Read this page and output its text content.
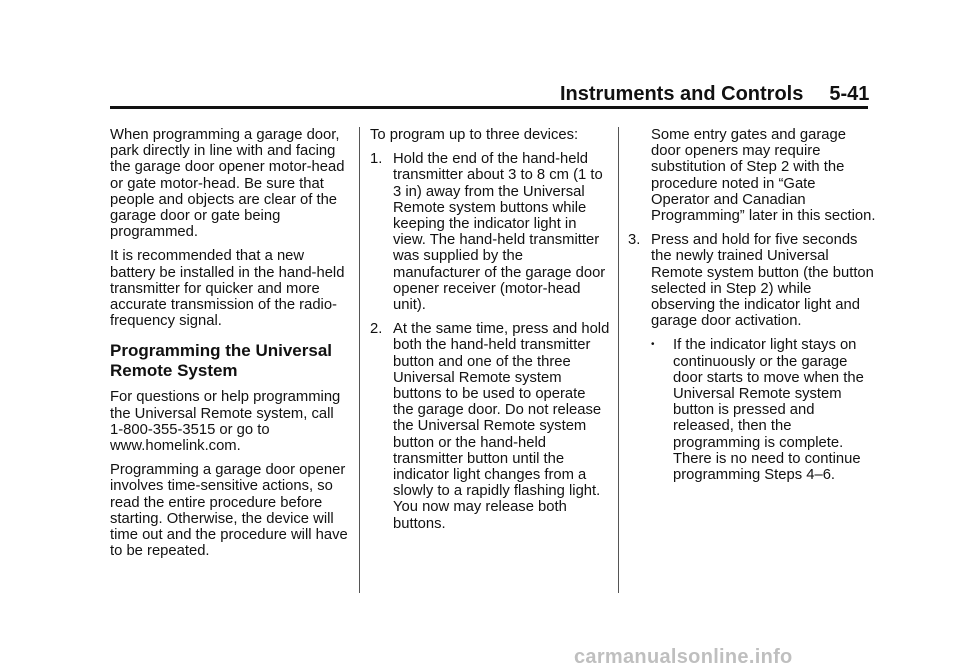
Instruments and Controls 5-41

When programming a garage door, park directly in line with and facing the garage door opener motor-head or gate motor-head. Be sure that people and objects are clear of the garage door or gate being programmed.

It is recommended that a new battery be installed in the hand-held transmitter for quicker and more accurate transmission of the radio-frequency signal.

Programming the Universal Remote System

For questions or help programming the Universal Remote system, call 1-800-355-3515 or go to www.homelink.com.

Programming a garage door opener involves time-sensitive actions, so read the entire procedure before starting. Otherwise, the device will time out and the procedure will have to be repeated.

To program up to three devices:

1. Hold the end of the hand-held transmitter about 3 to 8 cm (1 to 3 in) away from the Universal Remote system buttons while keeping the indicator light in view. The hand-held transmitter was supplied by the manufacturer of the garage door opener receiver (motor-head unit).
2. At the same time, press and hold both the hand-held transmitter button and one of the three Universal Remote system buttons to be used to operate the garage door. Do not release the Universal Remote system button or the hand-held transmitter button until the indicator light changes from a slowly to a rapidly flashing light. You now may release both buttons.
Some entry gates and garage door openers may require substitution of Step 2 with the procedure noted in “Gate Operator and Canadian Programming” later in this section.
3. Press and hold for five seconds the newly trained Universal Remote system button (the button selected in Step 2) while observing the indicator light and garage door activation.
•	If the indicator light stays on continuously or the garage door starts to move when the Universal Remote system button is pressed and released, then the programming is complete. There is no need to continue programming Steps 4–6.
carmanualsonline.info
